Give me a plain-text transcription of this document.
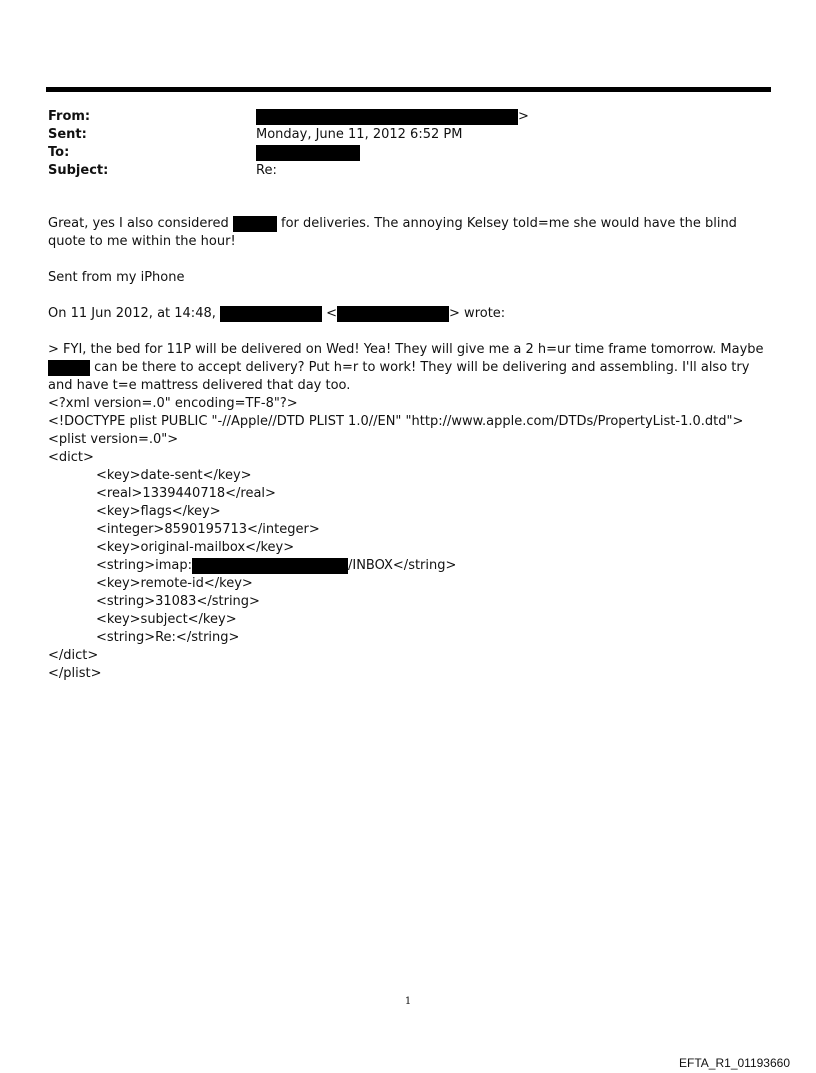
From:	>
Sent:	Monday, June 11, 2012 6:52 PM
To:
Subject:	Re:

Great, yes I also considered	for deliveries. The annoying Kelsey told=me she would have the blind quote to me within the hour!

Sent from my iPhone

On 11 Jun 2012, at 14:48,	<	> wrote:

> FYI, the bed for 11P will be delivered on Wed! Yea! They will give me a 2 h=ur time frame tomorrow. Maybe  can be there to accept delivery? Put h=r to work! They will be delivering and assembling. I'll also try and have t=e mattress delivered that day too.

<?xml version=.0" encoding=TF-8"?>
<!DOCTYPE plist PUBLIC "-//Apple//DTD PLIST 1.0//EN" "http://www.apple.com/DTDs/PropertyList-1.0.dtd">
<plist version=.0">
<dict>
<key>date-sent</key>
<real>1339440718</real>
<key>flags</key>
<integer>8590195713</integer>
<key>original-mailbox</key>
<string>imap:	/INBOX</string>
<key>remote-id</key>
<string>31083</string>
<key>subject</key>
<string>Re:</string>
</dict>
</plist>
1
EFTA_R1_01193660
